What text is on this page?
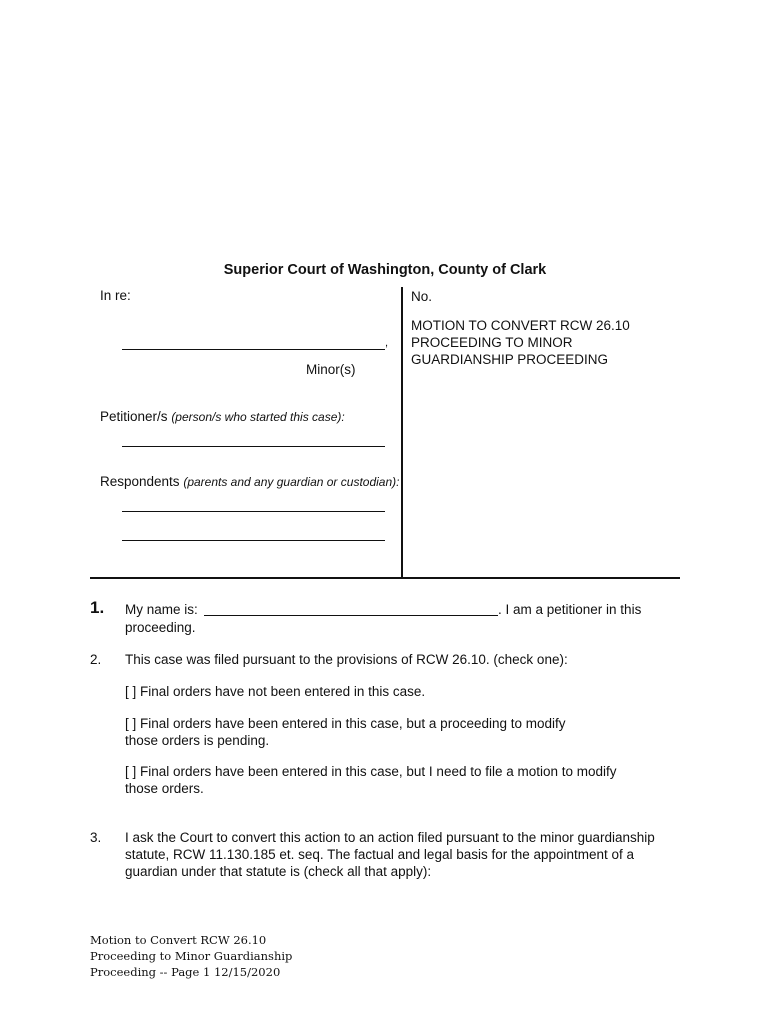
Superior Court of Washington, County of Clark
In re:
,
Minor(s)
Petitioner/s (person/s who started this case):
Respondents (parents and any guardian or custodian):
No.
MOTION TO CONVERT RCW 26.10
PROCEEDING TO MINOR
GUARDIANSHIP PROCEEDING
1. My name is:	. I am a petitioner in this
proceeding.
2. This case was filed pursuant to the provisions of RCW 26.10. (check one):
[ ] Final orders have not been entered in this case.
[ ] Final orders have been entered in this case, but a proceeding to modify
those orders is pending.
[ ] Final orders have been entered in this case, but I need to file a motion to modify
those orders.
3. I ask the Court to convert this action to an action filed pursuant to the minor guardianship
statute, RCW 11.130.185 et. seq. The factual and legal basis for the appointment of a
guardian under that statute is (check all that apply):
Motion to Convert RCW 26.10
Proceeding to Minor Guardianship
Proceeding -- Page 1 12/15/2020
